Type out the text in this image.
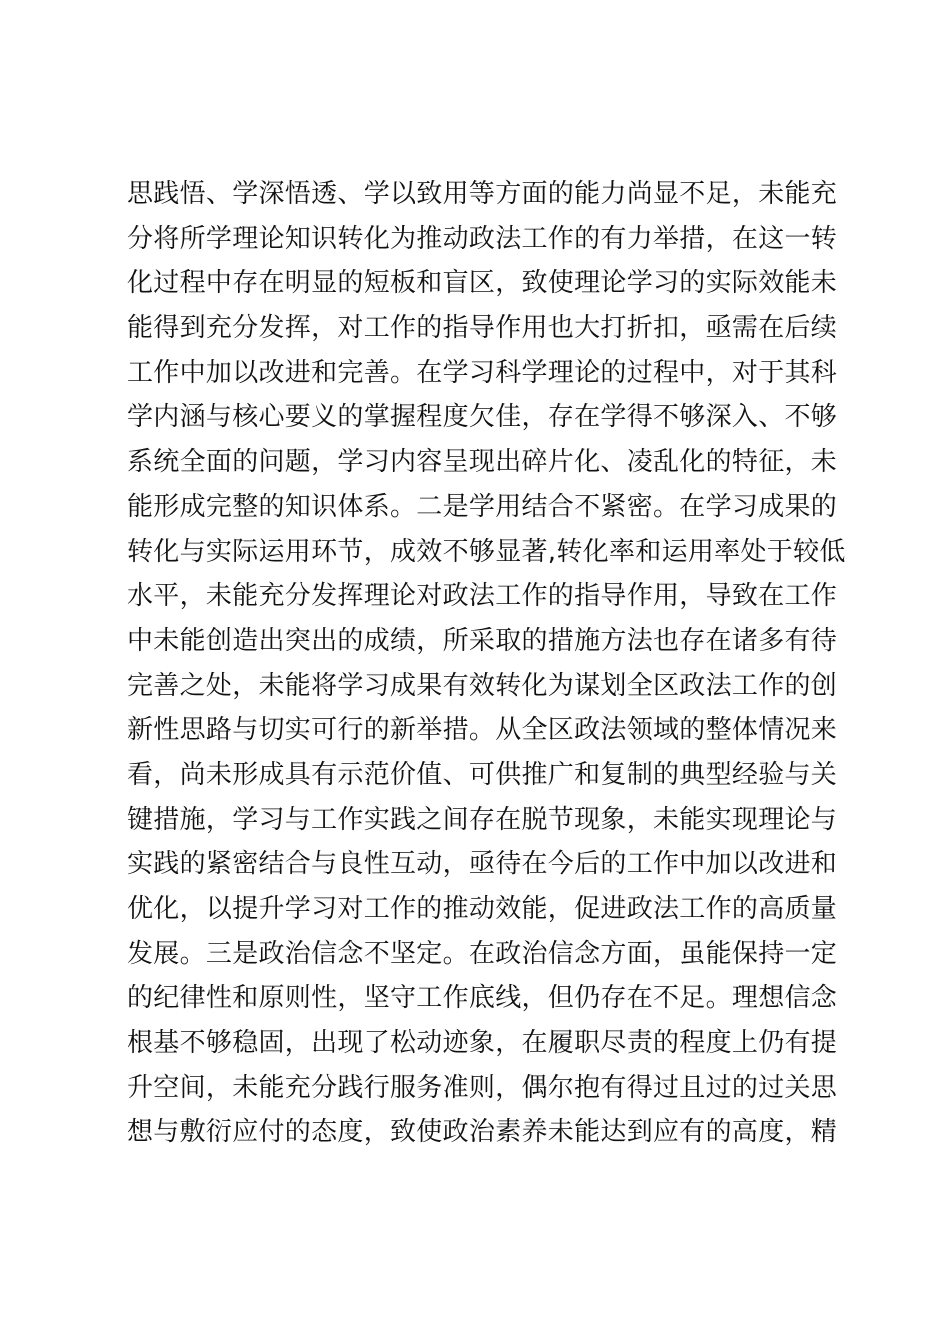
思践悟、学深悟透、学以致用等方面的能力尚显不足，未能充
分将所学理论知识转化为推动政法工作的有力举措，在这一转
化过程中存在明显的短板和盲区，致使理论学习的实际效能未
能得到充分发挥，对工作的指导作用也大打折扣，亟需在后续
工作中加以改进和完善。在学习科学理论的过程中，对于其科
学内涵与核心要义的掌握程度欠佳，存在学得不够深入、不够
系统全面的问题，学习内容呈现出碎片化、凌乱化的特征，未
能形成完整的知识体系。二是学用结合不紧密。在学习成果的
转化与实际运用环节，成效不够显著,转化率和运用率处于较低
水平，未能充分发挥理论对政法工作的指导作用，导致在工作
中未能创造出突出的成绩，所采取的措施方法也存在诸多有待
完善之处，未能将学习成果有效转化为谋划全区政法工作的创
新性思路与切实可行的新举措。从全区政法领域的整体情况来
看，尚未形成具有示范价值、可供推广和复制的典型经验与关
键措施，学习与工作实践之间存在脱节现象，未能实现理论与
实践的紧密结合与良性互动，亟待在今后的工作中加以改进和
优化，以提升学习对工作的推动效能，促进政法工作的高质量
发展。三是政治信念不坚定。在政治信念方面，虽能保持一定
的纪律性和原则性，坚守工作底线，但仍存在不足。理想信念
根基不够稳固，出现了松动迹象，在履职尽责的程度上仍有提
升空间，未能充分践行服务准则，偶尔抱有得过且过的过关思
想与敷衍应付的态度，致使政治素养未能达到应有的高度，精
